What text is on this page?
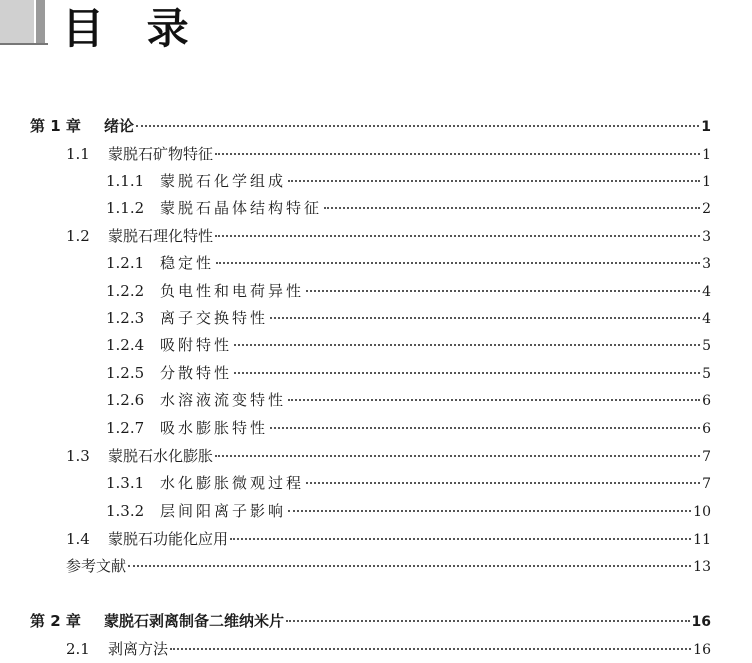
目 录
第 1 章	绪论	1
1.1	蒙脱石矿物特征	1
1.1.1	蒙脱石化学组成	1
1.1.2	蒙脱石晶体结构特征	2
1.2	蒙脱石理化特性	3
1.2.1	稳定性	3
1.2.2	负电性和电荷异性	4
1.2.3	离子交换特性	4
1.2.4	吸附特性	5
1.2.5	分散特性	5
1.2.6	水溶液流变特性	6
1.2.7	吸水膨胀特性	6
1.3	蒙脱石水化膨胀	7
1.3.1	水化膨胀微观过程	7
1.3.2	层间阳离子影响	10
1.4	蒙脱石功能化应用	11
参考文献	13
第 2 章	蒙脱石剥离制备二维纳米片	16
2.1	剥离方法	16
